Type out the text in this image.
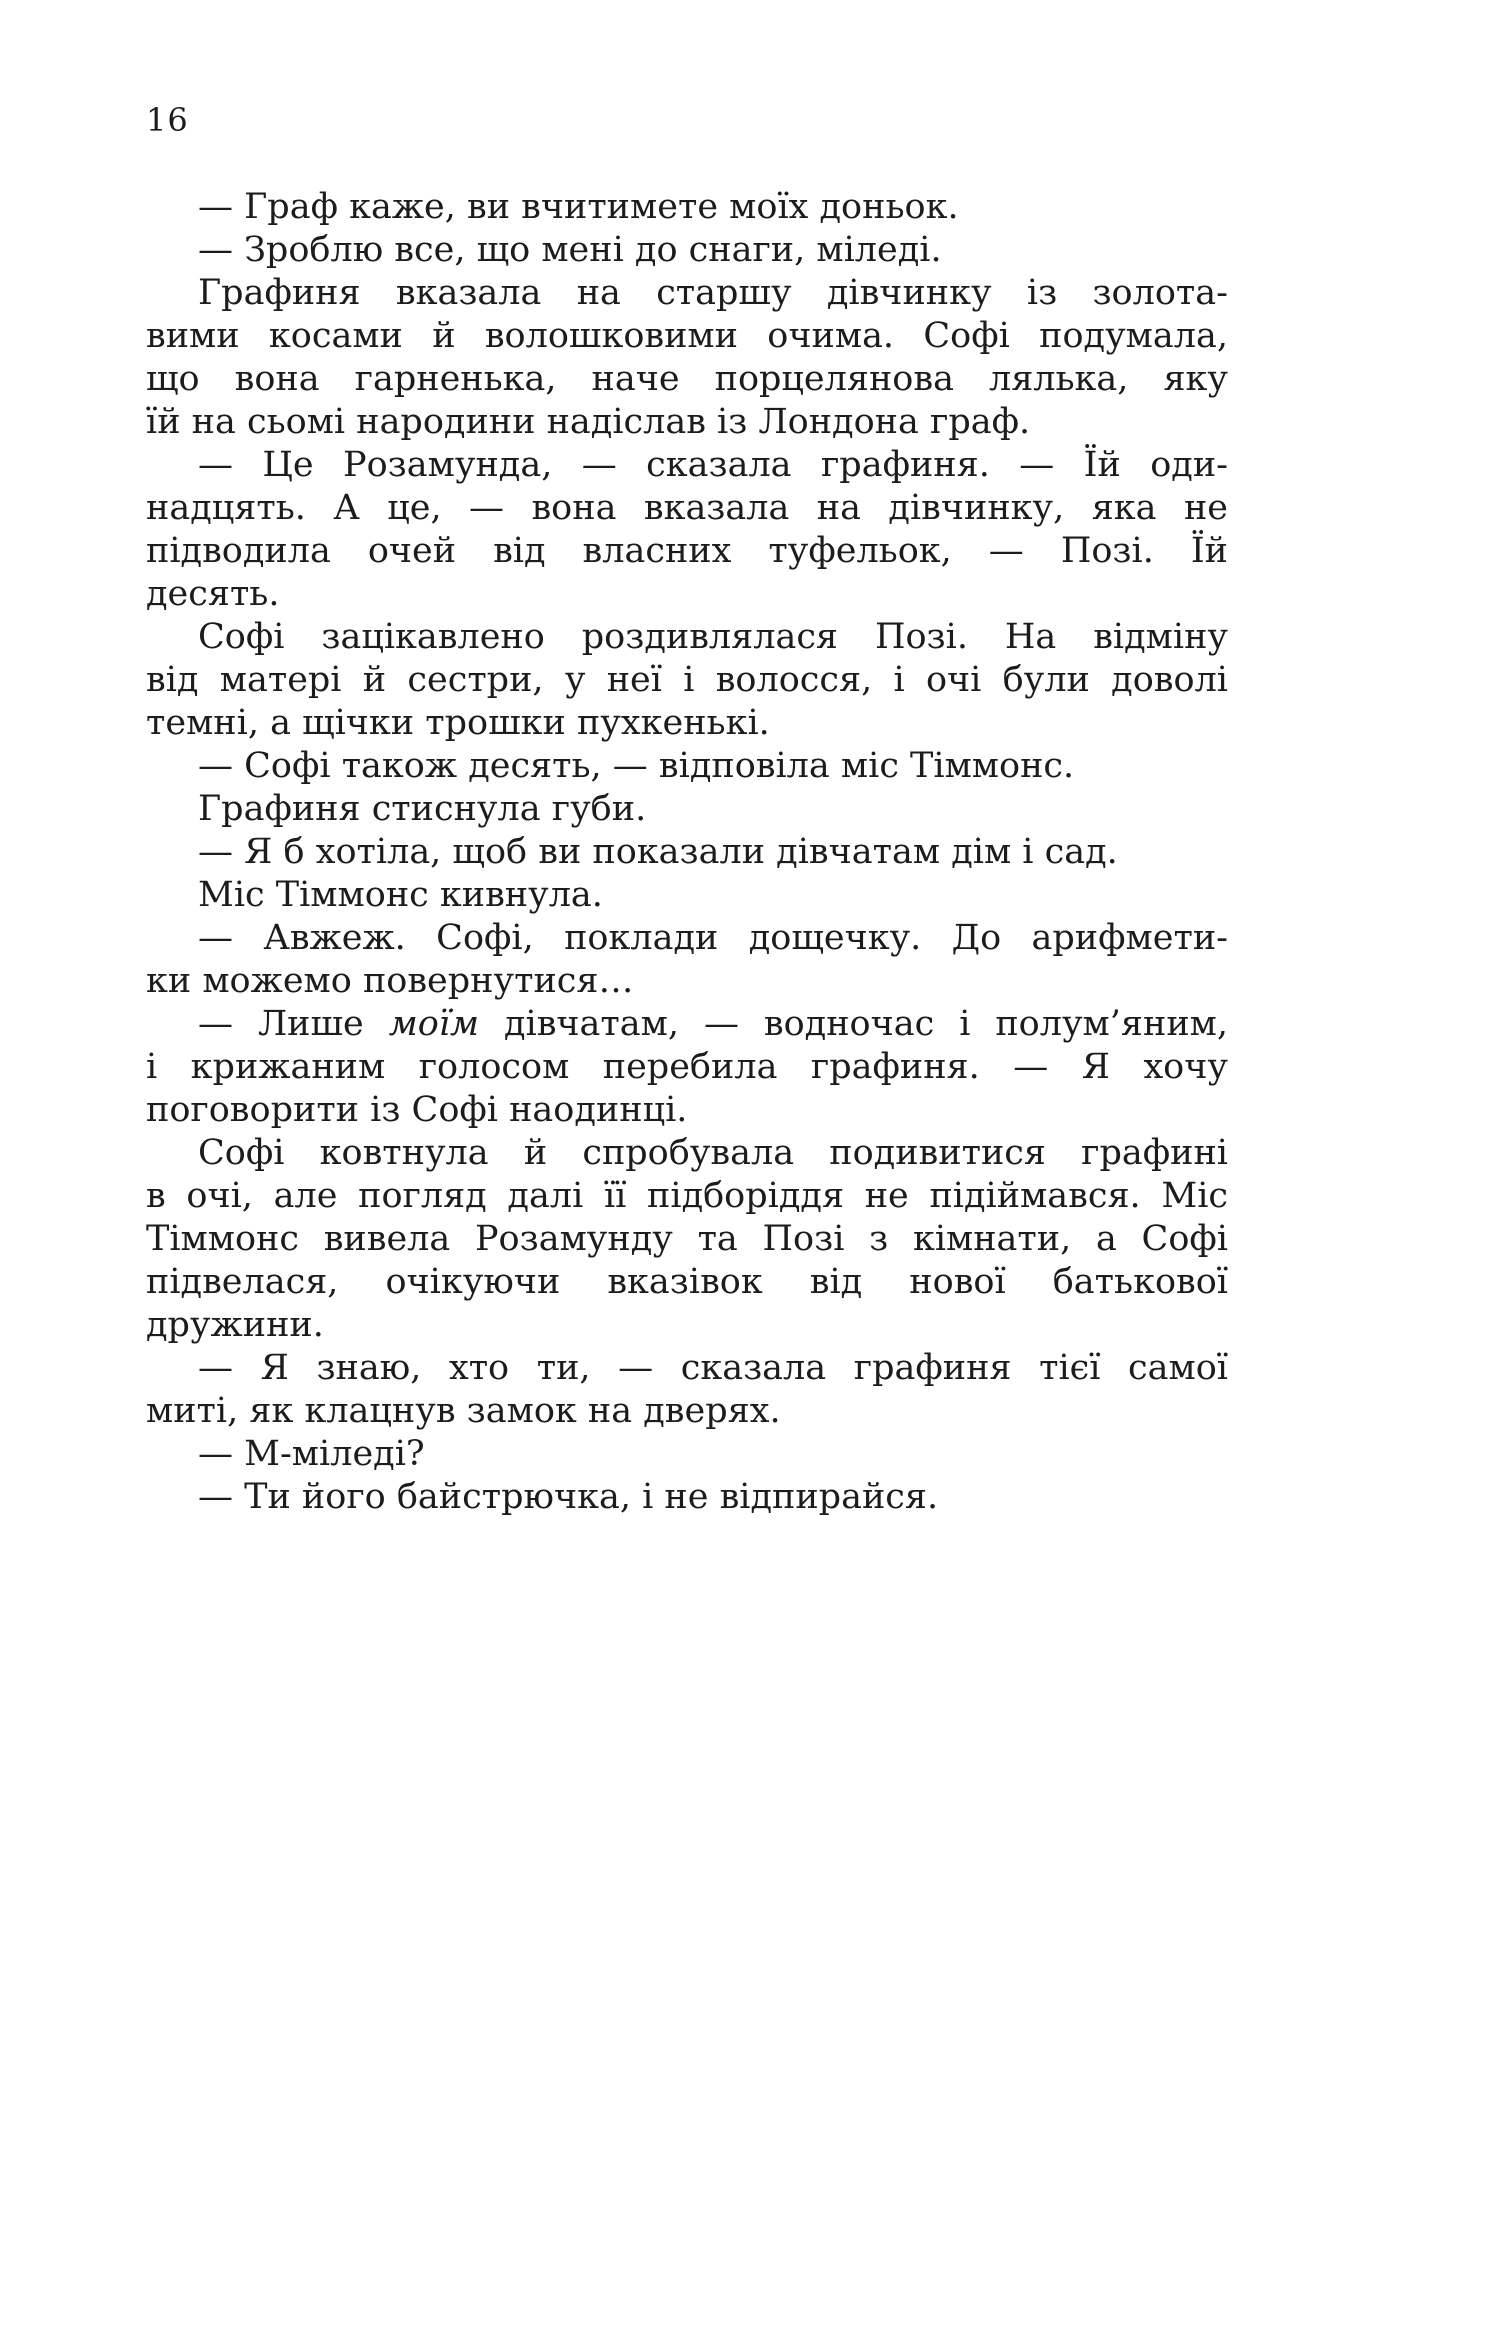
16
— Граф каже, ви вчитимете моїх доньок.
— Зроблю все, що мені до снаги, міледі.
Графиня вказала на старшу дівчинку із золота-
вими косами й волошковими очима. Софі подумала,
що вона гарненька, наче порцелянова лялька, яку
їй на сьомі народини надіслав із Лондона граф.
— Це Розамунда, — сказала графиня. — Їй оди-
надцять. А це, — вона вказала на дівчинку, яка не
підводила очей від власних туфельок, — Позі. Їй
десять.
Софі зацікавлено роздивлялася Позі. На відміну
від матері й сестри, у неї і волосся, і очі були доволі
темні, а щічки трошки пухкенькі.
— Софі також десять, — відповіла міс Тіммонс.
Графиня стиснула губи.
— Я б хотіла, щоб ви показали дівчатам дім і сад.
Міс Тіммонс кивнула.
— Авжеж. Софі, поклади дощечку. До арифмети-
ки можемо повернутися…
— Лише моїм дівчатам, — водночас і полум’яним,
і крижаним голосом перебила графиня. — Я хочу
поговорити із Софі наодинці.
Софі ковтнула й спробувала подивитися графині
в очі, але погляд далі її підборіддя не підіймався. Міс
Тіммонс вивела Розамунду та Позі з кімнати, а Софі
підвелася, очікуючи вказівок від нової батькової
дружини.
— Я знаю, хто ти, — сказала графиня тієї самої
миті, як клацнув замок на дверях.
— М-міледі?
— Ти його байстрючка, і не відпирайся.
